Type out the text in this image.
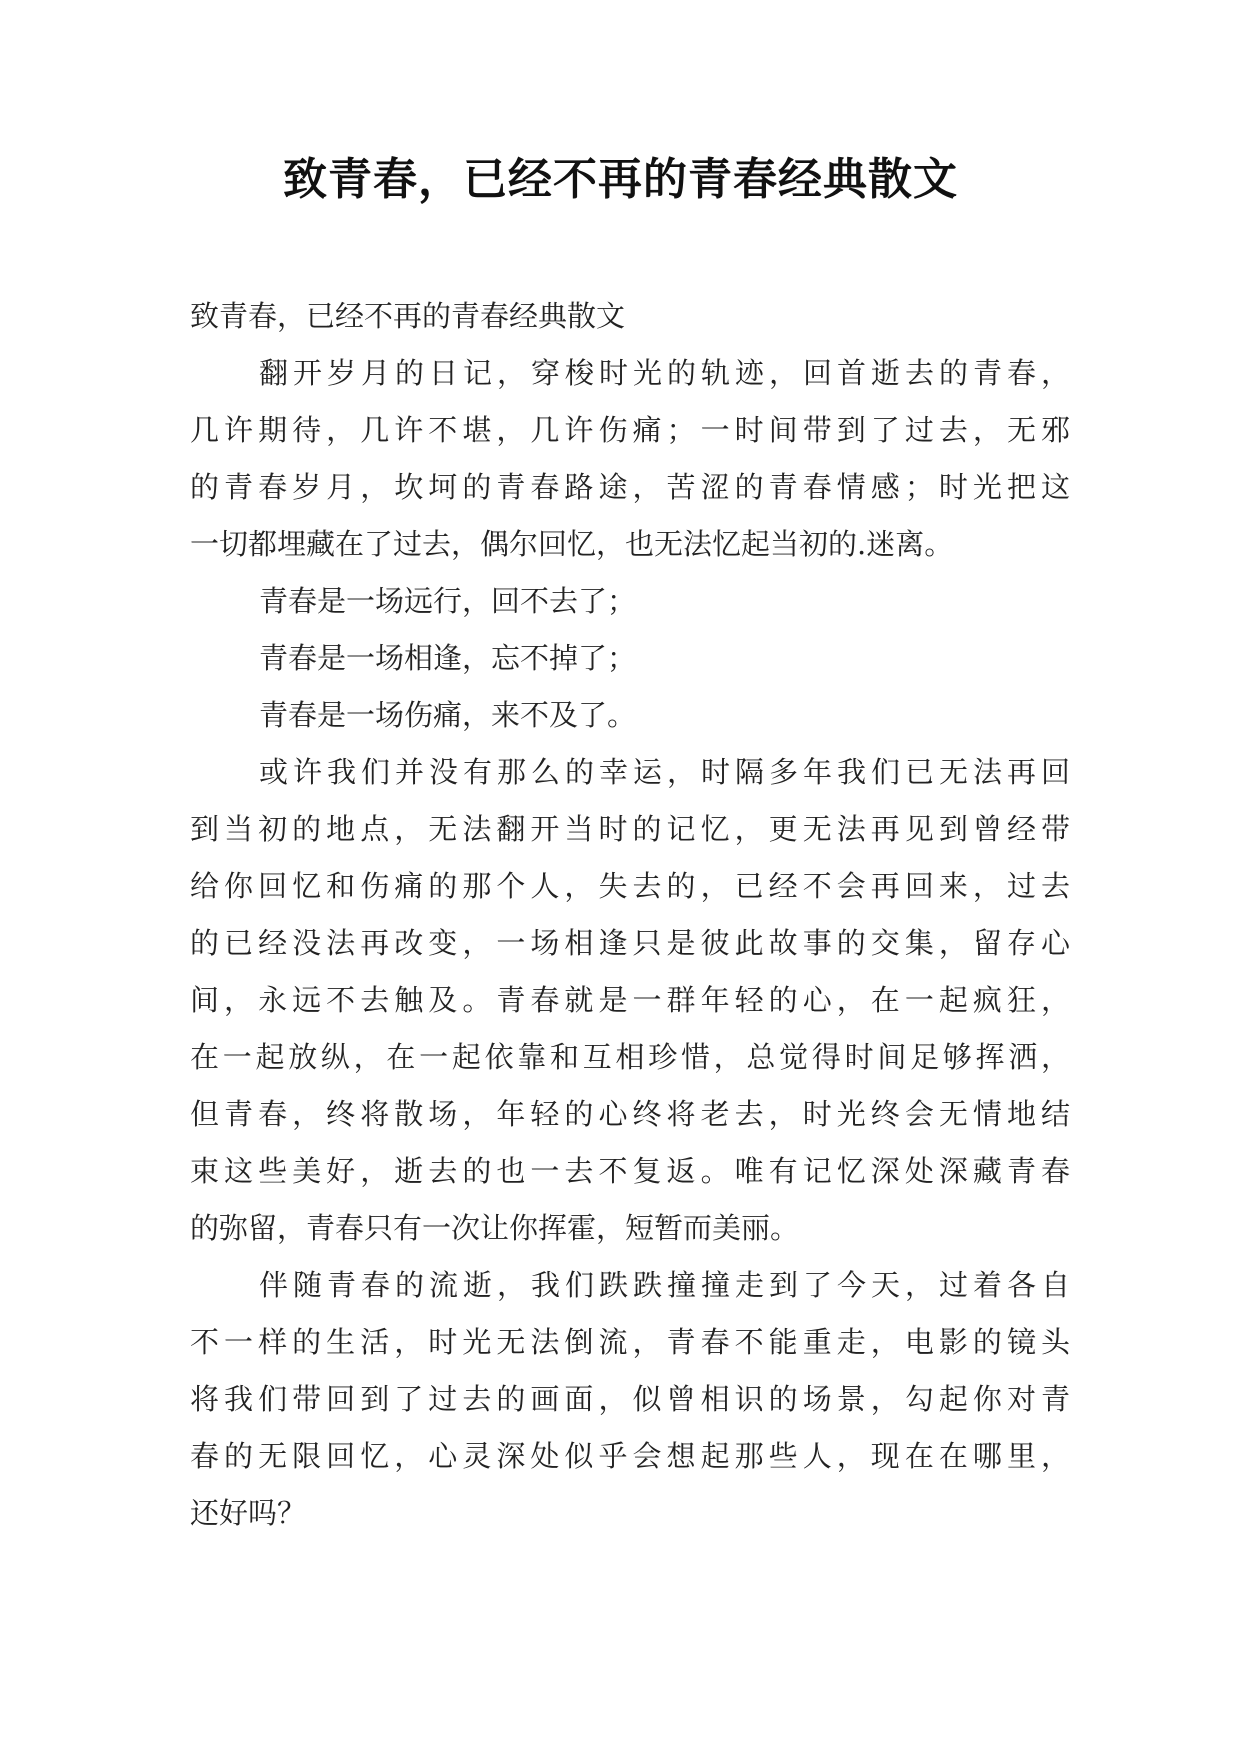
致青春，已经不再的青春经典散文
致青春，已经不再的青春经典散文
翻开岁月的日记，穿梭时光的轨迹，回首逝去的青春，
几许期待，几许不堪，几许伤痛；一时间带到了过去，无邪
的青春岁月，坎坷的青春路途，苦涩的青春情感；时光把这
一切都埋藏在了过去，偶尔回忆，也无法忆起当初的.迷离。
青春是一场远行，回不去了；
青春是一场相逢，忘不掉了；
青春是一场伤痛，来不及了。
或许我们并没有那么的幸运，时隔多年我们已无法再回
到当初的地点，无法翻开当时的记忆，更无法再见到曾经带
给你回忆和伤痛的那个人，失去的，已经不会再回来，过去
的已经没法再改变，一场相逢只是彼此故事的交集，留存心
间，永远不去触及。青春就是一群年轻的心，在一起疯狂，
在一起放纵，在一起依靠和互相珍惜，总觉得时间足够挥洒，
但青春，终将散场，年轻的心终将老去，时光终会无情地结
束这些美好，逝去的也一去不复返。唯有记忆深处深藏青春
的弥留，青春只有一次让你挥霍，短暂而美丽。
伴随青春的流逝，我们跌跌撞撞走到了今天，过着各自
不一样的生活，时光无法倒流，青春不能重走，电影的镜头
将我们带回到了过去的画面，似曾相识的场景，勾起你对青
春的无限回忆，心灵深处似乎会想起那些人，现在在哪里，
还好吗？
